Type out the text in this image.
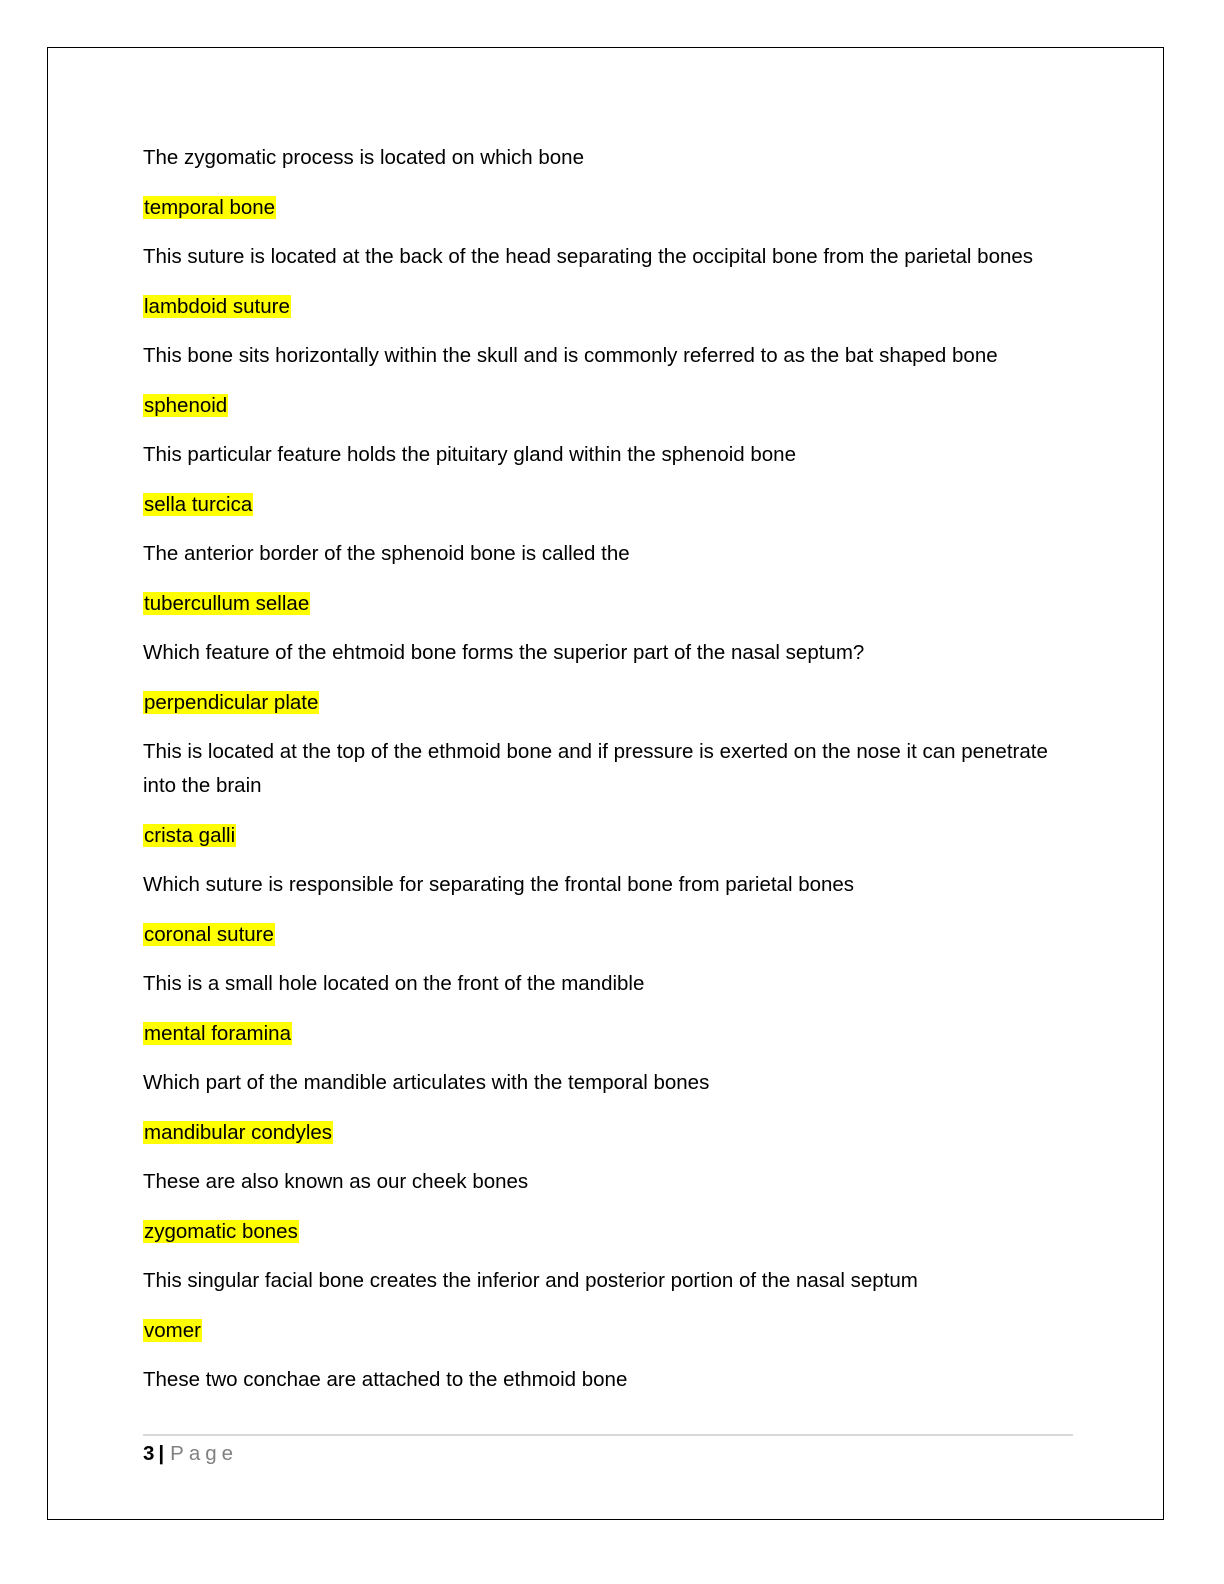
The zygomatic process is located on which bone
temporal bone
This suture is located at the back of the head separating the occipital bone from the parietal bones
lambdoid suture
This bone sits horizontally within the skull and is commonly referred to as the bat shaped bone
sphenoid
This particular feature holds the pituitary gland within the sphenoid bone
sella turcica
The anterior border of the sphenoid bone is called the
tubercullum sellae
Which feature of the ehtmoid bone forms the superior part of the nasal septum?
perpendicular plate
This is located at the top of the ethmoid bone and if pressure is exerted on the nose it can penetrate into the brain
crista galli
Which suture is responsible for separating the frontal bone from parietal bones
coronal suture
This is a small hole located on the front of the mandible
mental foramina
Which part of the mandible articulates with the temporal bones
mandibular condyles
These are also known as our cheek bones
zygomatic bones
This singular facial bone creates the inferior and posterior portion of the nasal septum
vomer
These two conchae are attached to the ethmoid bone
3 | Page
